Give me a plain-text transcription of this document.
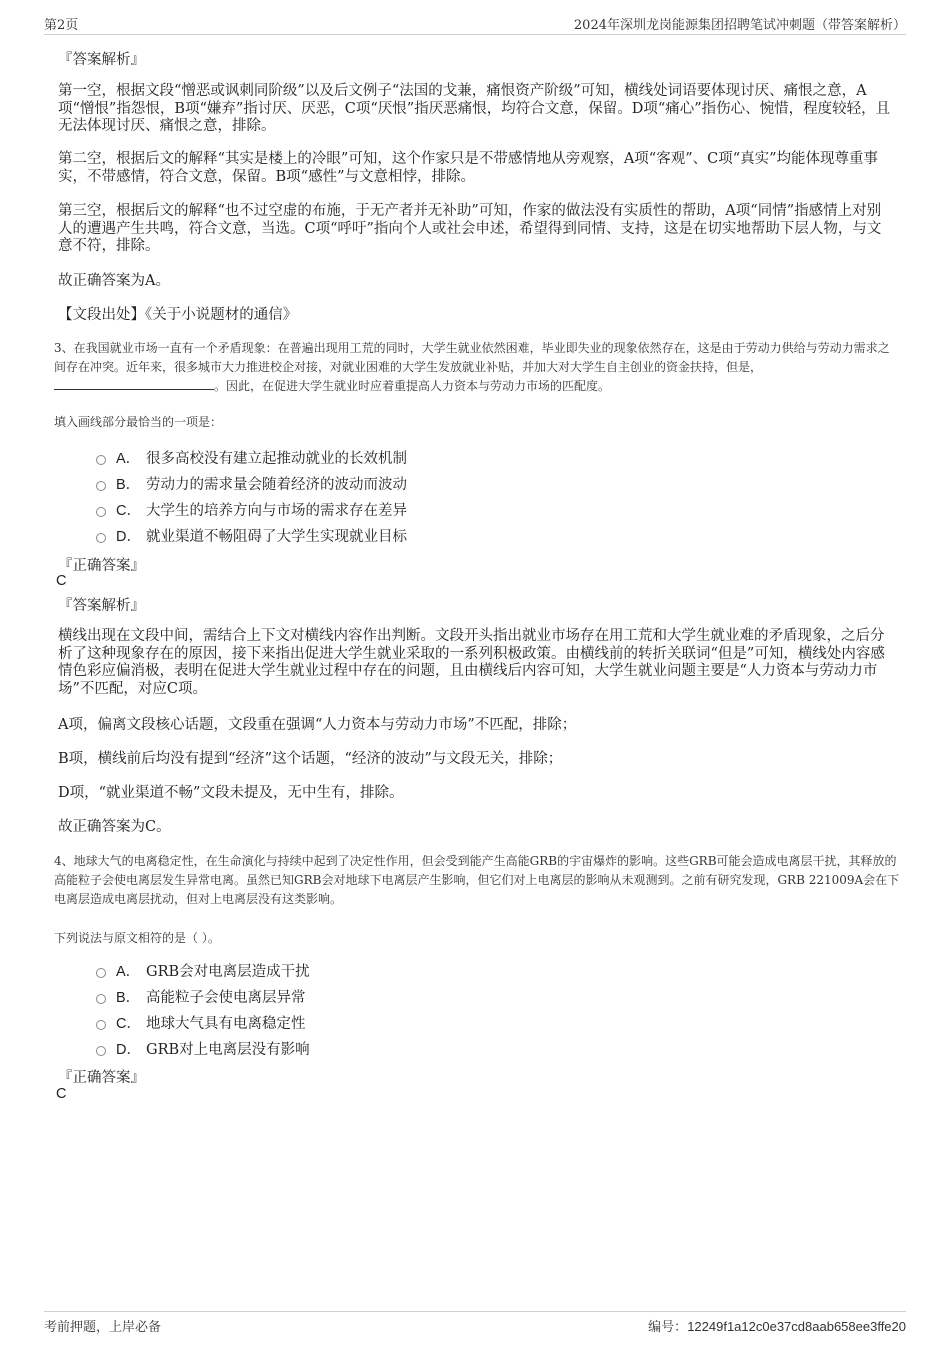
第2页	2024年深圳龙岗能源集团招聘笔试冲刺题（带答案解析）
『答案解析』
第一空，根据文段“憎恶或讽刺同阶级”以及后文例子“法国的戈兼，痛恨资产阶级”可知，横线处词语要体现讨厌、痛恨之意，A项“憎恨”指怨恨，B项“嫌弃”指讨厌、厌恶，C项“厌恨”指厌恶痛恨，均符合文意，保留。D项“痛心”指伤心、惋惜，程度较轻，且无法体现讨厌、痛恨之意，排除。
第二空，根据后文的解释“其实是楼上的冷眼”可知，这个作家只是不带感情地从旁观察，A项“客观”、C项“真实”均能体现尊重事实，不带感情，符合文意，保留。B项“感性”与文意相悖，排除。
第三空，根据后文的解释“也不过空虚的布施，于无产者并无补助”可知，作家的做法没有实质性的帮助，A项“同情”指感情上对别人的遭遇产生共鸣，符合文意，当选。C项“呼吁”指向个人或社会申述，希望得到同情、支持，这是在切实地帮助下层人物，与文意不符，排除。
故正确答案为A。
【文段出处】《关于小说题材的通信》
3、在我国就业市场一直有一个矛盾现象：在普遍出现用工荒的同时，大学生就业依然困难，毕业即失业的现象依然存在，这是由于劳动力供给与劳动力需求之间存在冲突。近年来，很多城市大力推进校企对接，对就业困难的大学生发放就业补贴，并加大对大学生自主创业的资金扶持，但是，。因此，在促进大学生就业时应着重提高人力资本与劳动力市场的匹配度。
填入画线部分最恰当的一项是：
A． 很多高校没有建立起推动就业的长效机制
B． 劳动力的需求量会随着经济的波动而波动
C． 大学生的培养方向与市场的需求存在差异
D． 就业渠道不畅阻碍了大学生实现就业目标
『正确答案』
C
『答案解析』
横线出现在文段中间，需结合上下文对横线内容作出判断。文段开头指出就业市场存在用工荒和大学生就业难的矛盾现象，之后分析了这种现象存在的原因，接下来指出促进大学生就业采取的一系列积极政策。由横线前的转折关联词“但是”可知，横线处内容感情色彩应偏消极，表明在促进大学生就业过程中存在的问题，且由横线后内容可知，大学生就业问题主要是“人力资本与劳动力市场”不匹配，对应C项。
A项，偏离文段核心话题，文段重在强调“人力资本与劳动力市场”不匹配，排除；
B项，横线前后均没有提到“经济”这个话题，“经济的波动”与文段无关，排除；
D项，“就业渠道不畅”文段未提及，无中生有，排除。
故正确答案为C。
4、地球大气的电离稳定性，在生命演化与持续中起到了决定性作用，但会受到能产生高能GRB的宇宙爆炸的影响。这些GRB可能会造成电离层干扰，其释放的高能粒子会使电离层发生异常电离。虽然已知GRB会对地球下电离层产生影响，但它们对上电离层的影响从未观测到。之前有研究发现，GRB 221009A会在下电离层造成电离层扰动，但对上电离层没有这类影响。
下列说法与原文相符的是（ ）。
A． GRB会对电离层造成干扰
B． 高能粒子会使电离层异常
C． 地球大气具有电离稳定性
D． GRB对上电离层没有影响
『正确答案』
C
考前押题，上岸必备	编号：12249f1a12c0e37cd8aab658ee3ffe20
